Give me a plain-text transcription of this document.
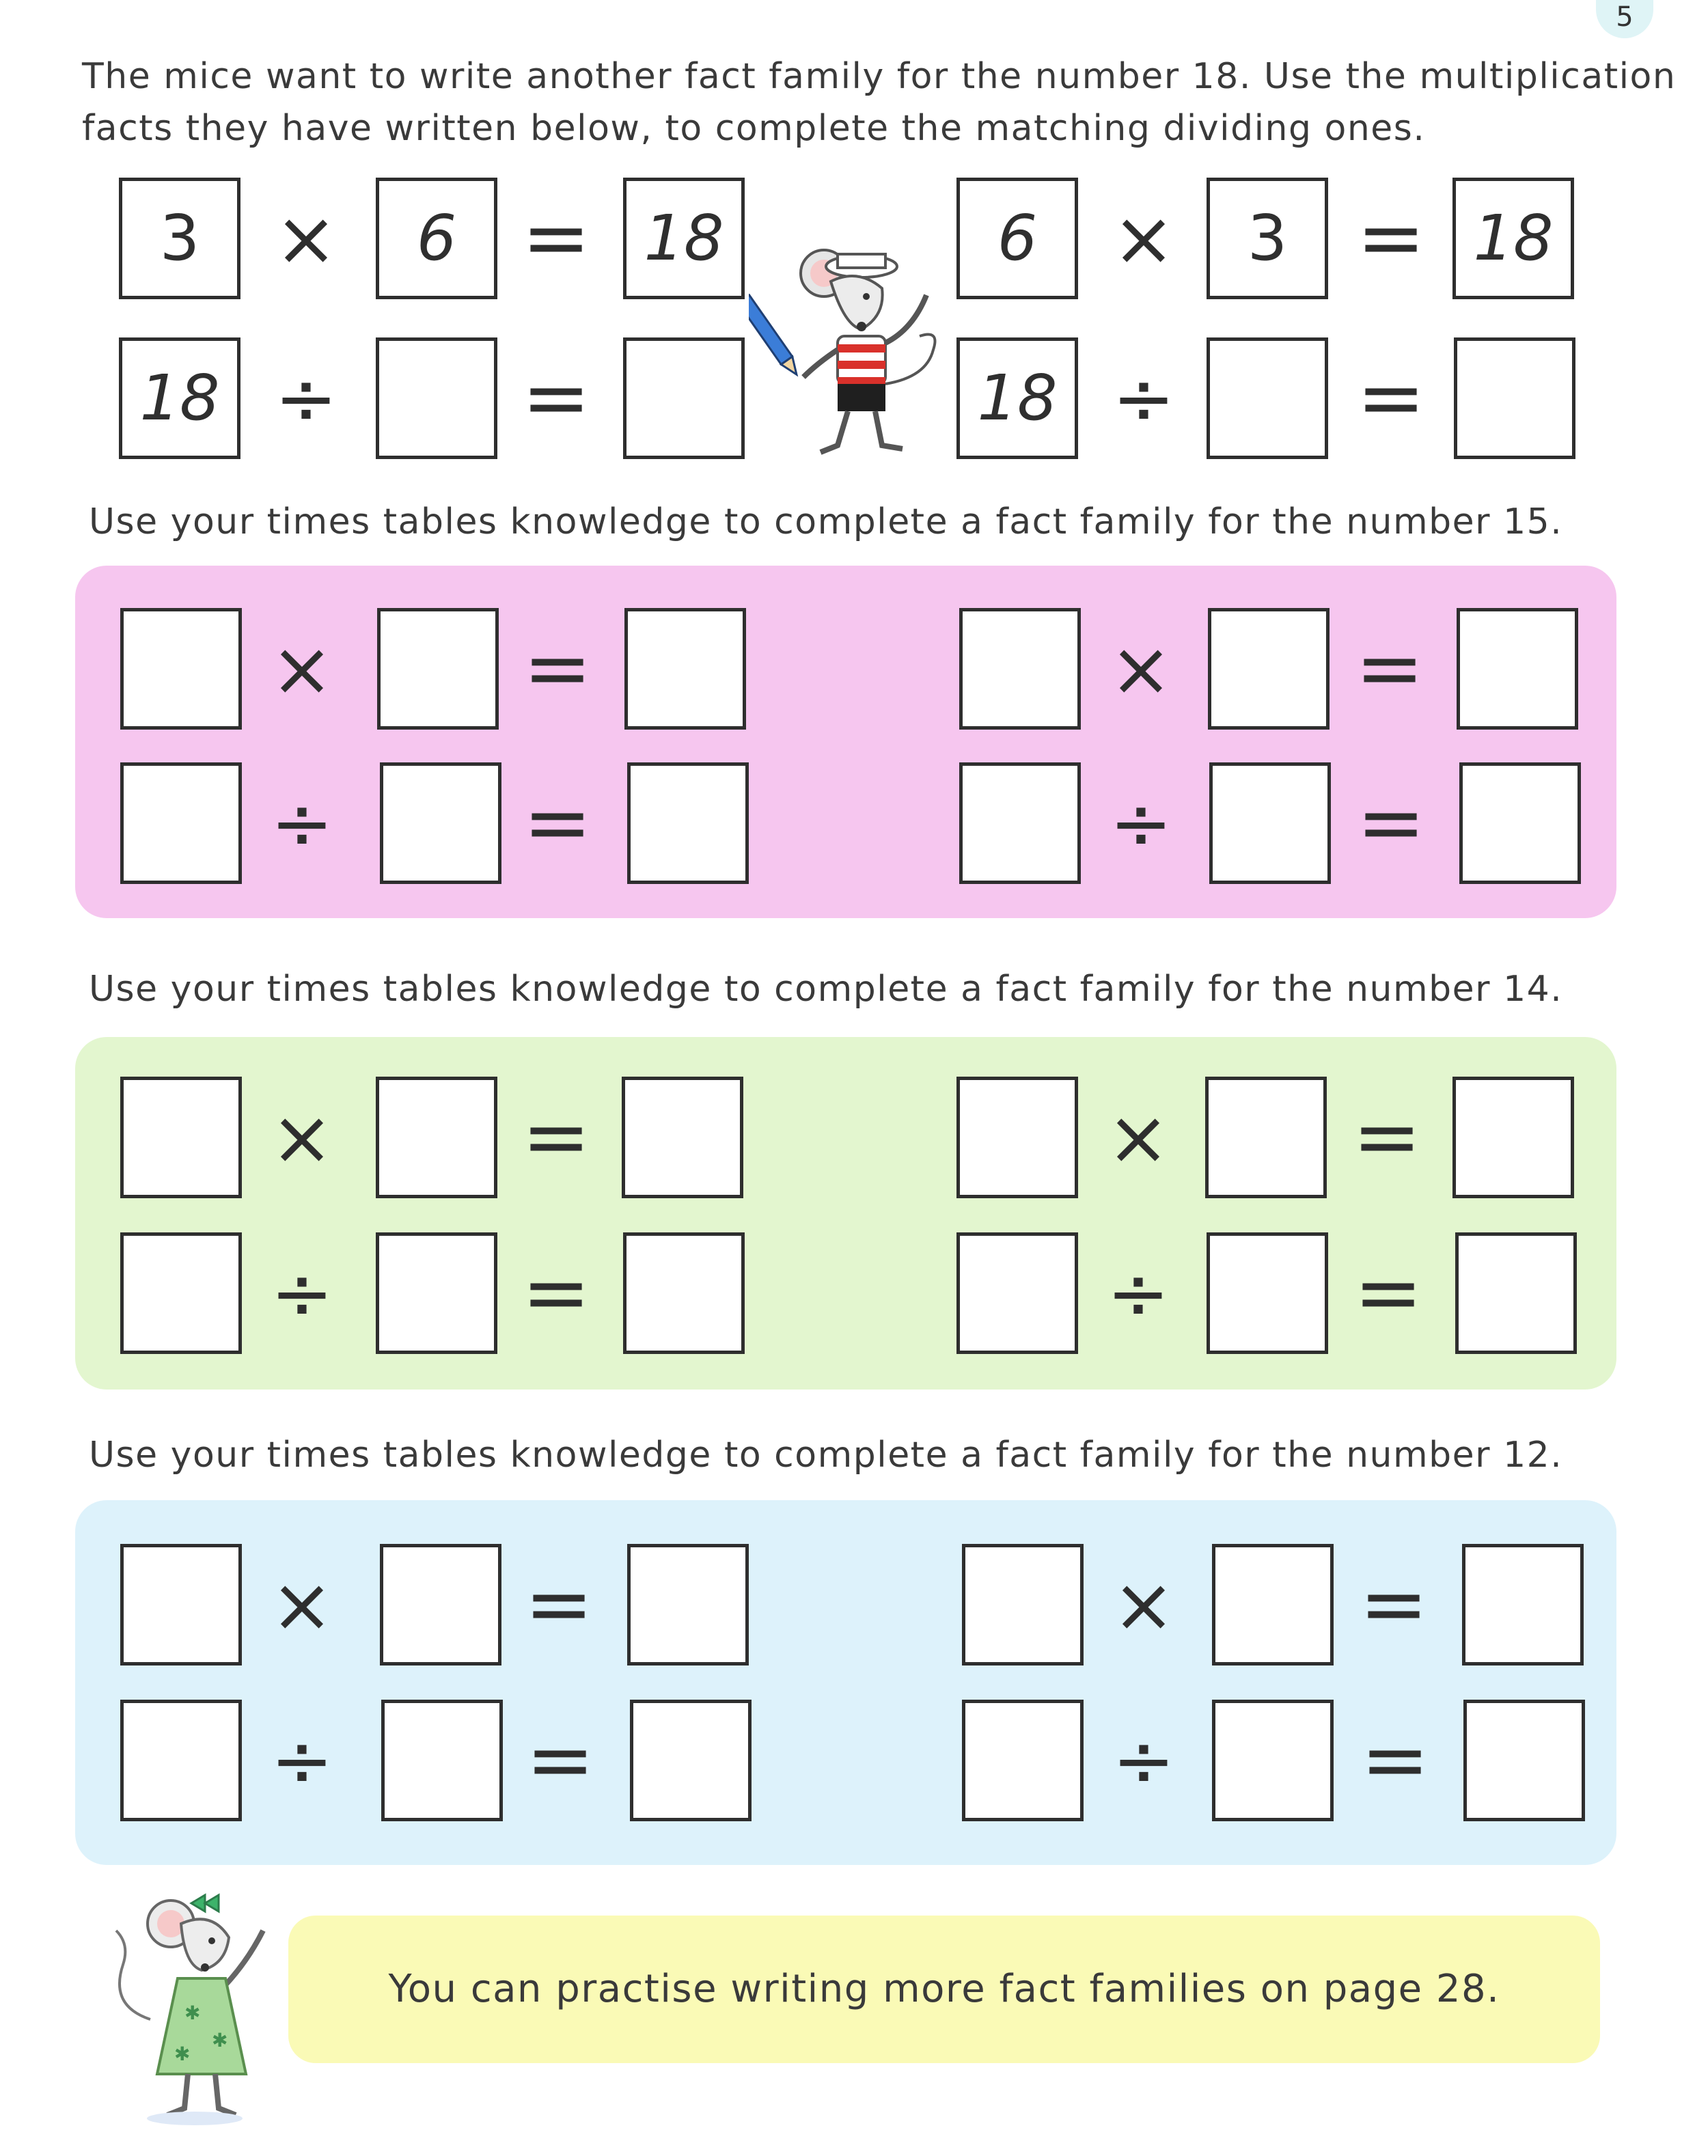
5
The mice want to write another fact family for the number 18. Use the multiplication
facts they have written below, to complete the matching dividing ones.
3 ×	6 = 18
18 ÷ =
6 ×	3 = 18
18 ÷ =
Use your times tables knowledge to complete a fact family for the number 15.
× =
÷ =
× =
÷ =
Use your times tables knowledge to complete a fact family for the number 14.
× =
÷ =
× =
÷ =
Use your times tables knowledge to complete a fact family for the number 12.
× =
÷ =
× =
÷ =
✱
✱
✱
You can practise writing more fact families on page 28.
